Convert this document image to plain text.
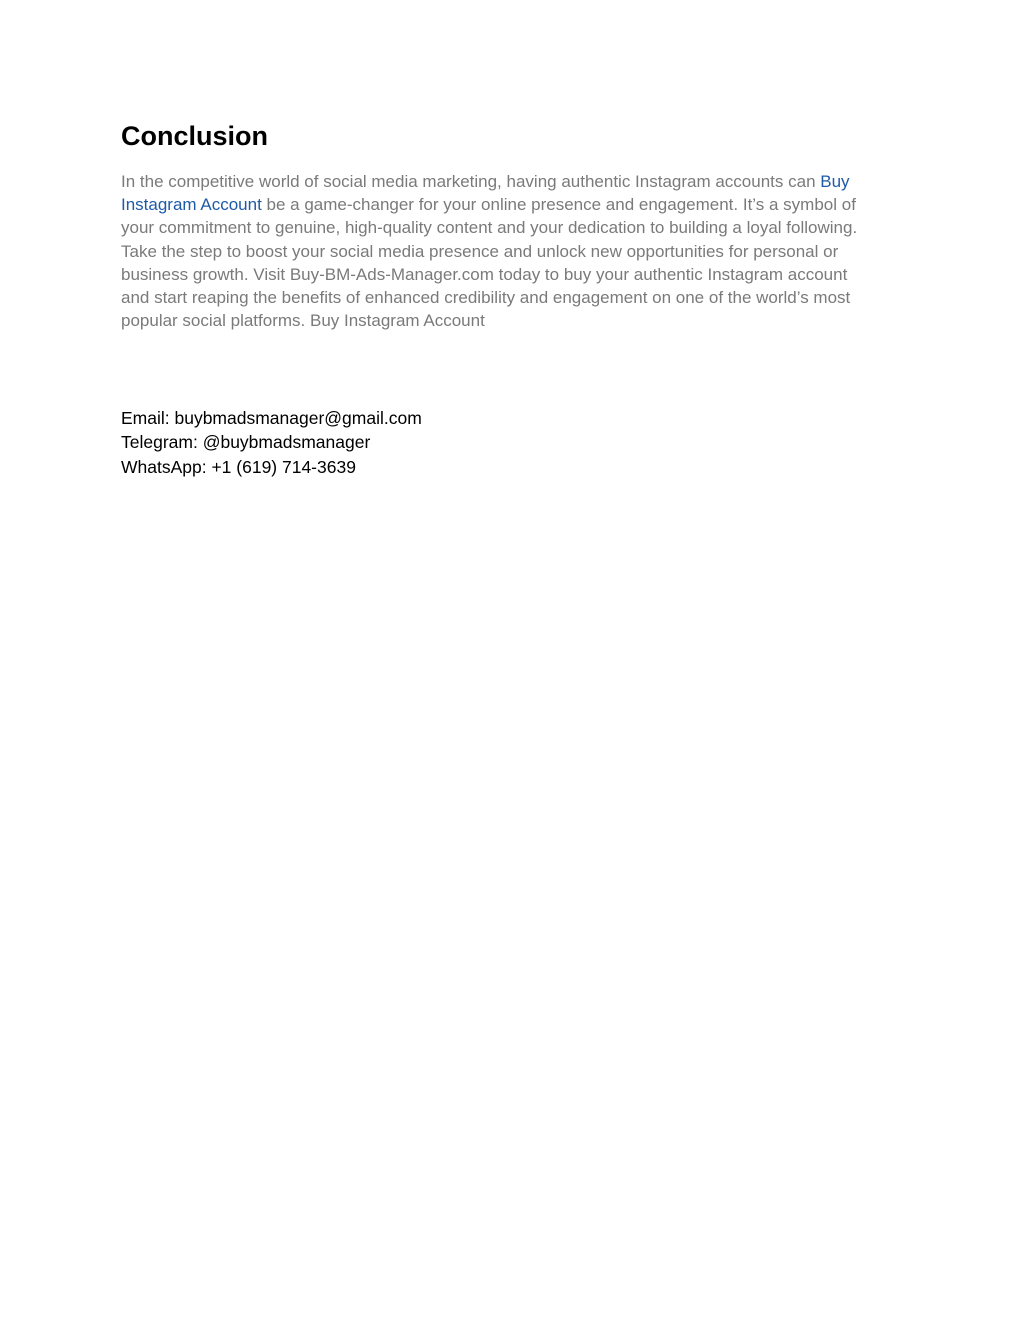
Conclusion

In the competitive world of social media marketing, having authentic Instagram accounts can Buy
Instagram Account be a game-changer for your online presence and engagement. It’s a symbol of
your commitment to genuine, high-quality content and your dedication to building a loyal following.
Take the step to boost your social media presence and unlock new opportunities for personal or
business growth. Visit Buy-BM-Ads-Manager.com today to buy your authentic Instagram account
and start reaping the benefits of enhanced credibility and engagement on one of the world’s most
popular social platforms. Buy Instagram Account

Email: buybmadsmanager@gmail.com
Telegram: @buybmadsmanager
WhatsApp: +1 (619) 714-3639
